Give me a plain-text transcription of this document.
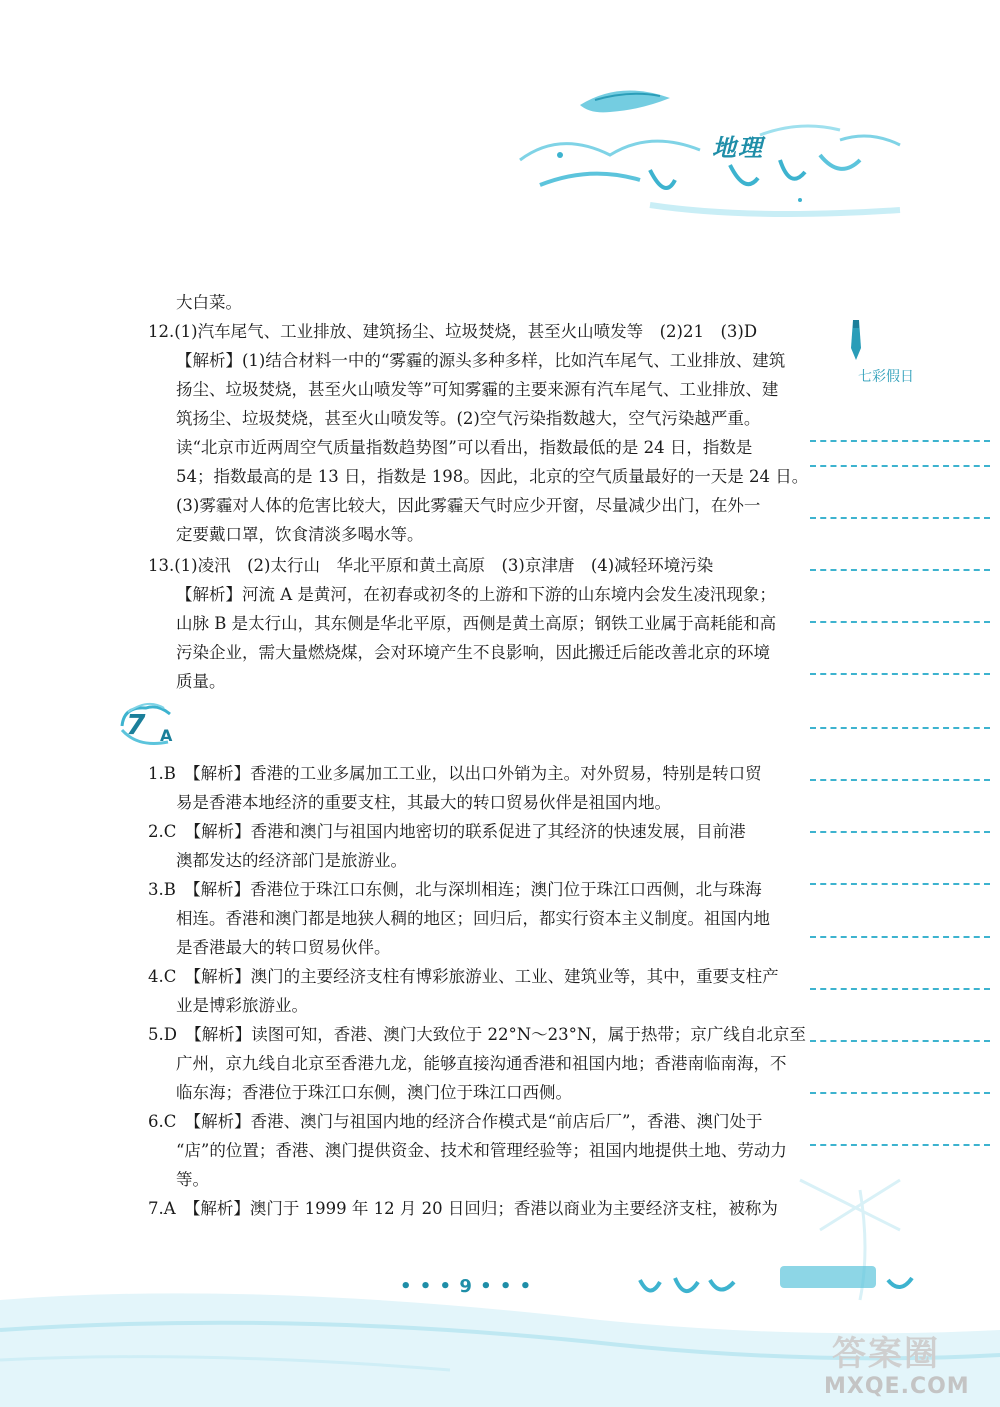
地理
七彩假日
7 A
大白菜。
12.(1)汽车尾气、工业排放、建筑扬尘、垃圾焚烧，甚至火山喷发等　(2)21　(3)D
【解析】(1)结合材料一中的“雾霾的源头多种多样，比如汽车尾气、工业排放、建筑
扬尘、垃圾焚烧，甚至火山喷发等”可知雾霾的主要来源有汽车尾气、工业排放、建
筑扬尘、垃圾焚烧，甚至火山喷发等。(2)空气污染指数越大，空气污染越严重。
读“北京市近两周空气质量指数趋势图”可以看出，指数最低的是 24 日，指数是
54；指数最高的是 13 日，指数是 198。因此，北京的空气质量最好的一天是 24 日。
(3)雾霾对人体的危害比较大，因此雾霾天气时应少开窗，尽量减少出门，在外一
定要戴口罩，饮食清淡多喝水等。
13.(1)凌汛　(2)太行山　华北平原和黄土高原　(3)京津唐　(4)减轻环境污染
【解析】河流 A 是黄河，在初春或初冬的上游和下游的山东境内会发生凌汛现象；
山脉 B 是太行山，其东侧是华北平原，西侧是黄土高原；钢铁工业属于高耗能和高
污染企业，需大量燃烧煤，会对环境产生不良影响，因此搬迁后能改善北京的环境
质量。
1.B　【解析】香港的工业多属加工工业，以出口外销为主。对外贸易，特别是转口贸
易是香港本地经济的重要支柱，其最大的转口贸易伙伴是祖国内地。
2.C　【解析】香港和澳门与祖国内地密切的联系促进了其经济的快速发展，目前港
澳都发达的经济部门是旅游业。
3.B　【解析】香港位于珠江口东侧，北与深圳相连；澳门位于珠江口西侧，北与珠海
相连。香港和澳门都是地狭人稠的地区；回归后，都实行资本主义制度。祖国内地
是香港最大的转口贸易伙伴。
4.C　【解析】澳门的主要经济支柱有博彩旅游业、工业、建筑业等，其中，重要支柱产
业是博彩旅游业。
5.D　【解析】读图可知，香港、澳门大致位于 22°N～23°N，属于热带；京广线自北京至
广州，京九线自北京至香港九龙，能够直接沟通香港和祖国内地；香港南临南海，不
临东海；香港位于珠江口东侧，澳门位于珠江口西侧。
6.C　【解析】香港、澳门与祖国内地的经济合作模式是“前店后厂”，香港、澳门处于
“店”的位置；香港、澳门提供资金、技术和管理经验等；祖国内地提供土地、劳动力
等。
7.A　【解析】澳门于 1999 年 12 月 20 日回归；香港以商业为主要经济支柱，被称为
• • • 9 • • •
答案圈
MXQE.COM
